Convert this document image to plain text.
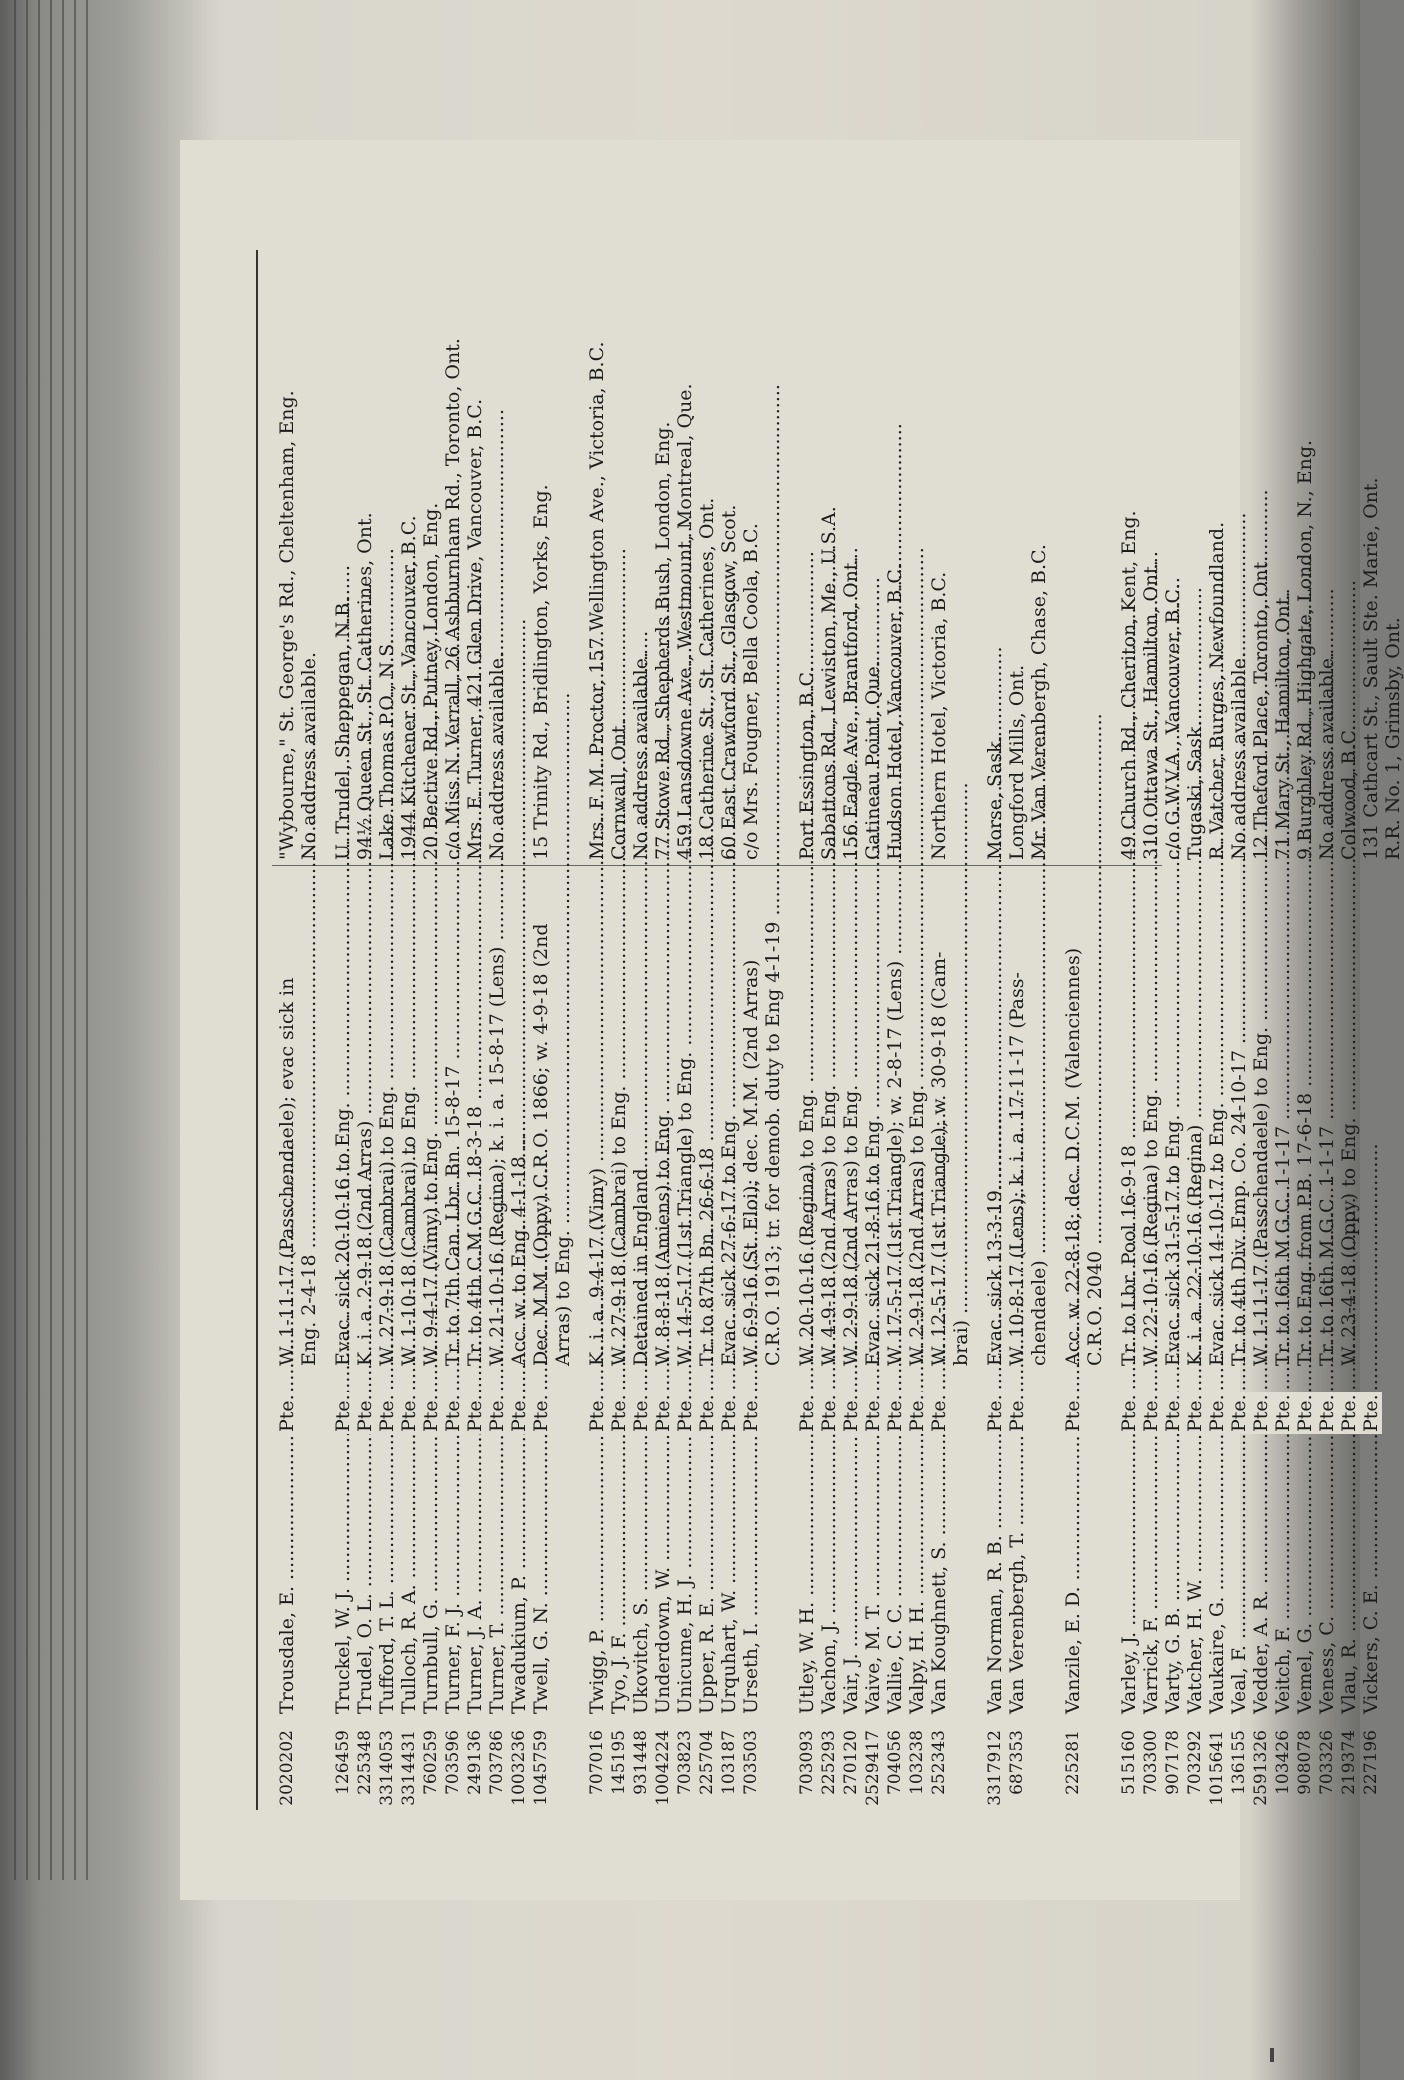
2020202
Trousdale, E. .....
Pte.
W. 1-11-17 (Passchendaele); evac sick in
"Wybourne," St. George's Rd., Cheltenham, Eng.
Eng. 2-4-18 .....
No address available.
126459
Truckel, W. J. .....
Pte.
Evac. sick 20-10-16 to Eng. .....
U. Trudel, Sheppegan, N.B.
225348
Trudel, O. L. .....
Pte.
K. i. a. 2-9-18 (2nd Arras) .....
94½ Queen St., St. Catherines, Ont.
3314053
Tufford, T. L. .....
Pte.
W. 27-9-18 (Cambrai) to Eng. .....
Lake Thomas P.O., N.S.
3314431
Tulloch, R. A. .....
Pte.
W. 1-10-18 (Cambrai) to Eng. .....
1944 Kitchener St., Vancouver, B.C.
760259
Turnbull, G. .....
Pte.
W. 9-4-17 (Vimy) to Eng. .....
20 Bective Rd., Putney, London, Eng.
703596
Turner, F. J. .....
Pte.
Tr. to 7th Can. Lbr. Bn. 15-8-17 .....
c/o Miss N. Verrall, 26 Ashburnham Rd., Toronto, Ont.
249136
Turner, J. A. .....
Pte.
Tr. to 4th C.M.G.C. 18-3-18 .....
Mrs. E. Turner, 421 Glen Drive, Vancouver, B.C.
703786
Turner, T. .....
Pte.
W. 21-10-16 (Regina); k. i. a. 15-8-17 (Lens) .....
No address available.
1003236
Twadukium, P. .....
Pte.
Acc. w. to Eng. 4-1-18 .....
1045759
Twell, G. N. .....
Pte.
Dec. M.M. (Oppy) C.R.O. 1866; w. 4-9-18 (2nd
15 Trinity Rd., Bridlington, Yorks, Eng.
Arras) to Eng. .....
707016
Twigg, P. .....
Pte.
K. i. a. 9-4-17 (Vimy) .....
Mrs. F. M. Proctor, 157 Wellington Ave., Victoria, B.C.
145195
Tyo, J. F. .....
Pte.
W. 27-9-18 (Cambrai) to Eng. .....
Cornwall, Ont.
931448
Ukovitch, S. .....
Pte.
Detained in England .....
No address available.
1004224
Underdown, W. .....
Pte.
W. 8-8-18 (Amiens) to Eng. .....
77 Stowe Rd., Shepherds Bush, London, Eng.
703823
Unicume, H. J. .....
Pte.
W. 14-5-17 (1st Triangle) to Eng. .....
459 Lansdowne Ave., Westmount, Montreal, Que.
225704
Upper, R. E. .....
Pte.
Tr. to 87th Bn. 26-6-18 .....
18 Catherine St., St. Catherines, Ont.
103187
Urquhart, W. .....
Pte.
Evac. sick 27-6-17 to Eng. .....
60 East Crawford St., Glasgow, Scot.
703503
Urseth, I. .....
Pte.
W. 6-9-16 (St. Eloi); dec. M.M. (2nd Arras)
c/o Mrs. Fougner, Bella Coola, B.C.
C.R.O. 1913; tr. for demob. duty to Eng 4-1-19 .....
703093
Utley, W. H. .....
Pte.
W. 20-10-16 (Regina) to Eng. .....
Port Essington, B.C.
225293
Vachon, J. .....
Pte.
W. 4-9-18 (2nd Arras) to Eng. .....
Sabattons Rd., Lewiston, Me., U.S.A.
270120
Vair, J. .....
Pte.
W. 2-9-18 (2nd Arras) to Eng. .....
156 Eagle Ave., Brantford, Ont.
2529417
Vaive, M. T. .....
Pte.
Evac. sick 21-8-16 to Eng. .....
Gatineau Point, Que.
704056
Vallie, C. C. .....
Pte.
W. 17-5-17 (1st Triangle); w. 2-8-17 (Lens) .....
Hudson Hotel, Vancouver, B.C.
103238
Valpy, H. H. .....
Pte.
W. 2-9-18 (2nd Arras) to Eng. .....
252343
Van Koughnett, S. .....
Pte.
W. 12-5-17 (1st Triangle); w. 30-9-18 (Cam-
Northern Hotel, Victoria, B.C.
brai) .....
3317912
Van Norman, R. B. .....
Pte.
Evac. sick 13-3-19. .....
Morse, Sask.
687353
Van Verenbergh, T. .....
Pte.
W. 10-8-17 (Lens); k. i. a. 17-11-17 (Pass-
Longford Mills, Ont.
chendaele) .....
Mr. Van Verenbergh, Chase, B.C.
225281
Vanzile, E. D. .....
Pte.
Acc. w. 22-8-18; dec. D.C.M. (Valenciennes) C.R.O. 2040 .....
515160
Varley, J. .....
Pte.
Tr. to Lbr. Pool 16-9-18 .....
49 Church Rd., Cheriton, Kent, Eng.
703300
Varrick, F. .....
Pte.
W. 22-10-16 (Regina) to Eng. .....
310 Ottawa St., Hamilton, Ont.
907178
Varty, G. B. .....
Pte.
Evac. sick 31-5-17 to Eng. .....
c/o G.W.V.A., Vancouver, B.C.
703292
Vatcher, H. W. .....
Pte.
K. i. a. 22-10-16 (Regina) .....
Tugaski, Sask.
1015641
Vaukaire, G. .....
Pte.
Evac. sick 14-10-17 to Eng. .....
R. Vatcher, Burges, Newfoundland.
136155
Veal, F. .....
Pte.
Tr. to 4th Div. Emp. Co. 24-10-17 .....
No address available.
2591326
Vedder, A. R. .....
Pte.
W. 1-11-17 (Passchendaele) to Eng. .....
12 Theford Place, Toronto, Ont.
103426
Veitch, F. .....
Pte.
Tr. to 16th M.G.C. 1-1-17 .....
71 Mary St., Hamilton, Ont.
908078
Vemel, G. .....
Pte.
Tr. to Eng. from P.B. 17-6-18 .....
9 Burghley Rd., Highgate, London, N., Eng.
703326
Veness, C. .....
Pte.
Tr. to 16th M.G.C. 1-1-17 .....
No address available.
219374
Vlau, R. .....
Pte.
W. 23-4-18 (Oppy) to Eng. .....
Colwood, B.C.
227196
Vickers, C. E. .....
Pte.
131 Cathcart St., Sault Ste. Marie, Ont. R.R. No. 1, Grimsby, Ont.
